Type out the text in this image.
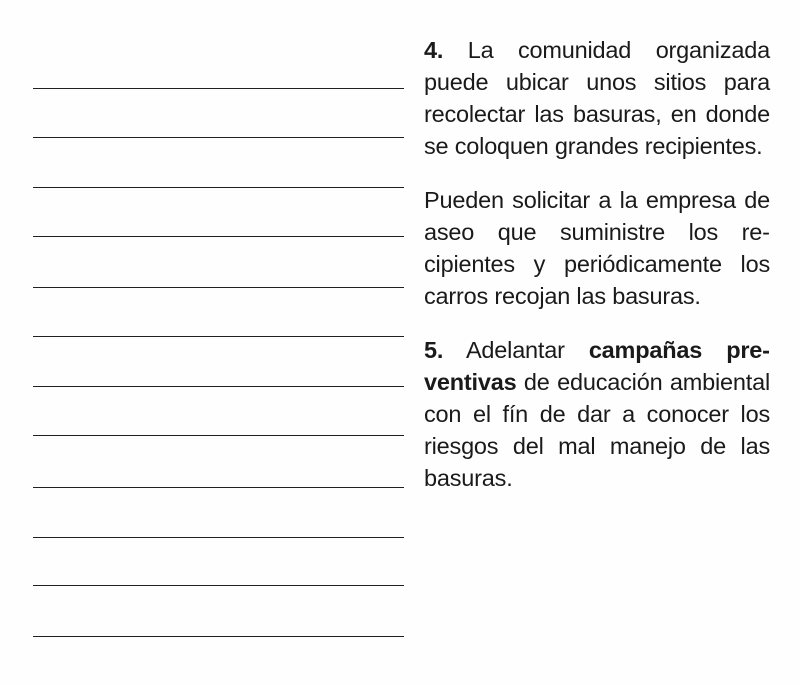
4. La comunidad organizada puede ubicar unos sitios para recolectar las basuras, en donde se coloquen grandes recipientes.

Pueden solicitar a la empresa de aseo que suministre los recipientes y periódicamente los carros recojan las basuras.

5. Adelantar campañas preventivas de educación ambiental con el fín de dar a conocer los riesgos del mal manejo de las basuras.
